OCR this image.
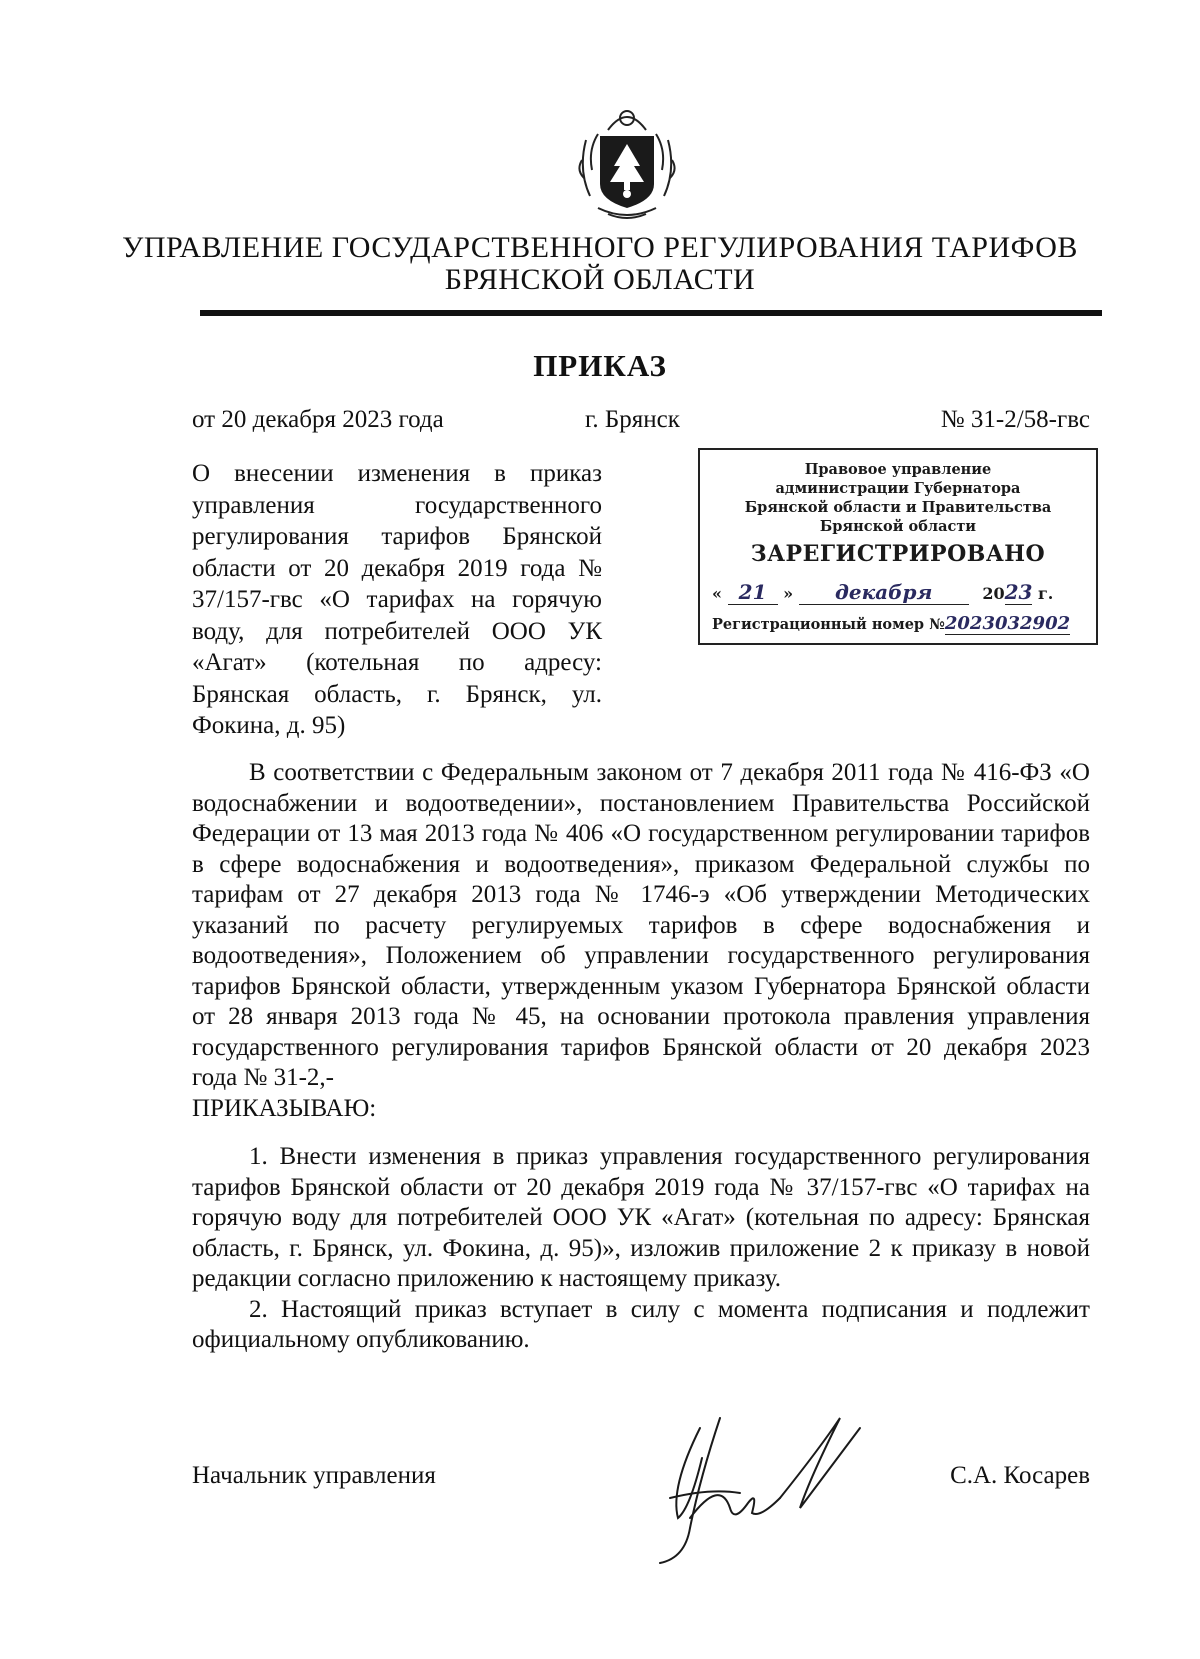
УПРАВЛЕНИЕ ГОСУДАРСТВЕННОГО РЕГУЛИРОВАНИЯ ТАРИФОВ
БРЯНСКОЙ ОБЛАСТИ
ПРИКАЗ
от 20 декабря 2023 года	г. Брянск	№ 31-2/58-гвс
О внесении изменения в приказ управления государственного регулирования тарифов Брянской области от 20 декабря 2019 года № 37/157-гвс «О тарифах на горячую воду, для потребителей ООО УК «Агат» (котельная по адресу: Брянская область, г. Брянск, ул. Фокина, д. 95)
Правовое управление
администрации Губернатора
Брянской области и Правительства
Брянской области
ЗАРЕГИСТРИРОВАНО
« 21 » декабря	2023 г.
Регистрационный номер №2023032902

В соответствии с Федеральным законом от 7 декабря 2011 года № 416-ФЗ «О водоснабжении и водоотведении», постановлением Правительства Российской Федерации от 13 мая 2013 года № 406 «О государственном регулировании тарифов в сфере водоснабжения и водоотведения», приказом Федеральной службы по тарифам от 27 декабря 2013 года № 1746-э «Об утверждении Методических указаний по расчету регулируемых тарифов в сфере водоснабжения и водоотведения», Положением об управлении государственного регулирования тарифов Брянской области, утвержденным указом Губернатора Брянской области от 28 января 2013 года № 45, на основании протокола правления управления государственного регулирования тарифов Брянской области от 20 декабря 2023 года № 31-2,-

ПРИКАЗЫВАЮ:

1. Внести изменения в приказ управления государственного регулирования тарифов Брянской области от 20 декабря 2019 года № 37/157-гвс «О тарифах на горячую воду для потребителей ООО УК «Агат» (котельная по адресу: Брянская область, г. Брянск, ул. Фокина, д. 95)», изложив приложение 2 к приказу в новой редакции согласно приложению к настоящему приказу.

2. Настоящий приказ вступает в силу с момента подписания и подлежит официальному опубликованию.

Начальник управления	С.А. Косарев
